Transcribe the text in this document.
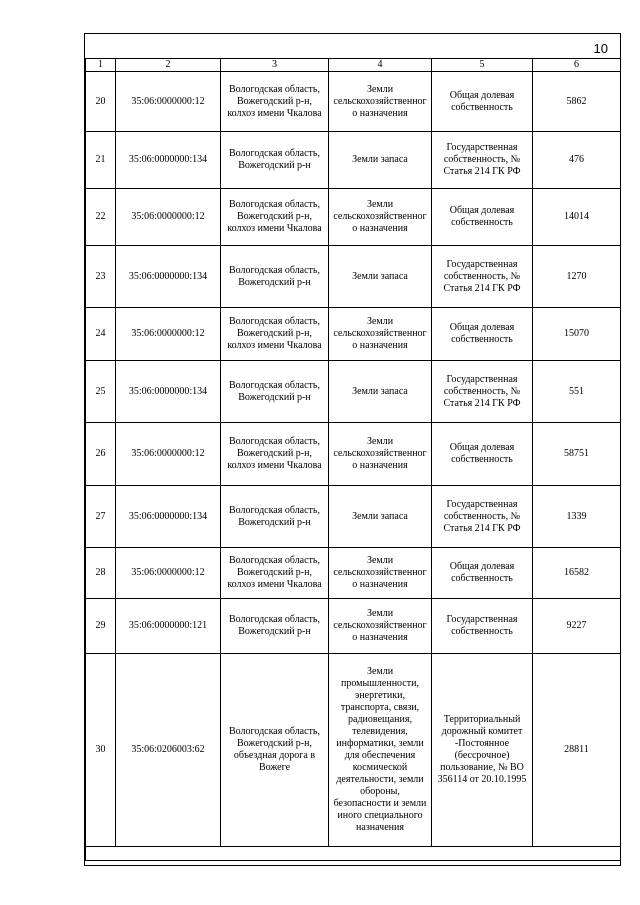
10
1	2	3	4	5	6
20	35:06:0000000:12	Вологодская область, Вожегодский р-н, колхоз имени Чкалова	Земли сельскохозяйственного назначения	Общая долевая собственность	5862
21	35:06:0000000:134	Вологодская область, Вожегодский р-н	Земли запаса	Государственная собственность, № Статья 214 ГК РФ	476
22	35:06:0000000:12	Вологодская область, Вожегодский р-н, колхоз имени Чкалова	Земли сельскохозяйственного назначения	Общая долевая собственность	14014
23	35:06:0000000:134	Вологодская область, Вожегодский р-н	Земли запаса	Государственная собственность, № Статья 214 ГК РФ	1270
24	35:06:0000000:12	Вологодская область, Вожегодский р-н, колхоз имени Чкалова	Земли сельскохозяйственного назначения	Общая долевая собственность	15070
25	35:06:0000000:134	Вологодская область, Вожегодский р-н	Земли запаса	Государственная собственность, № Статья 214 ГК РФ	551
26	35:06:0000000:12	Вологодская область, Вожегодский р-н, колхоз имени Чкалова	Земли сельскохозяйственного назначения	Общая долевая собственность	58751
27	35:06:0000000:134	Вологодская область, Вожегодский р-н	Земли запаса	Государственная собственность, № Статья 214 ГК РФ	1339
28	35:06:0000000:12	Вологодская область, Вожегодский р-н, колхоз имени Чкалова	Земли сельскохозяйственного назначения	Общая долевая собственность	16582
29	35:06:0000000:121	Вологодская область, Вожегодский р-н	Земли сельскохозяйственного назначения	Государственная собственность	9227
30	35:06:0206003:62	Вологодская область, Вожегодский р-н, объездная дорога в Вожеге	Земли промышленности, энергетики, транспорта, связи, радиовещания, телевидения, информатики, земли для обеспечения космической деятельности, земли обороны, безопасности и земли иного специального назначения	Территориальный дорожный комитет -Постоянное (бессрочное) пользование, № ВО 356114 от 20.10.1995	28811
